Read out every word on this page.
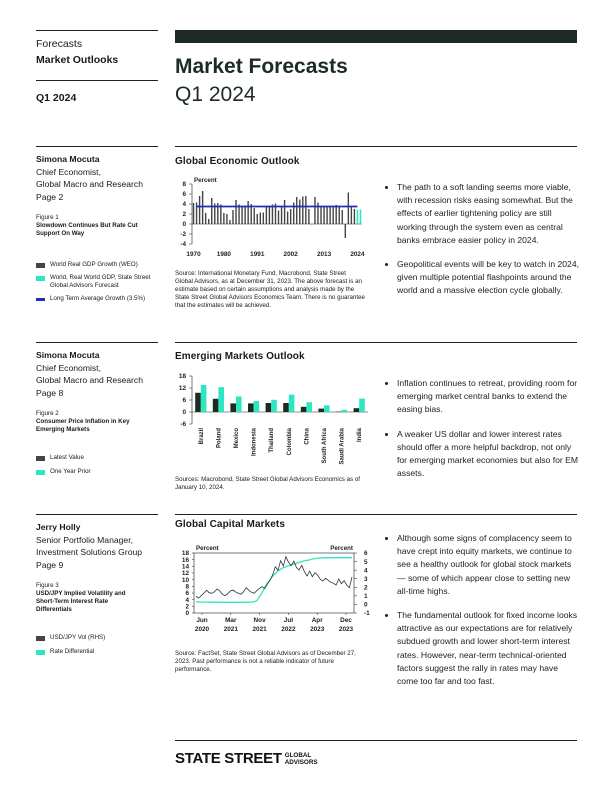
Forecasts
Market Outlooks
Q1 2024
Market Forecasts
Q1 2024
Simona Mocuta
Chief Economist,
Global Macro and Research
Page 2
Figure 1
Slowdown Continues But Rate Cut Support On Way
World Real GDP Growth (WEO)
World, Real World GDP, State Street Global Advisors Forecast
Long Term Average Growth (3.5%)
Global Economic Outlook
8
6
4
2
0
-2
-4
Percent
1970	1980	1991	2002	2013	2024
Source: International Monetary Fund, Macrobond, State Street Global Advisors, as at December 31, 2023. The above forecast is an estimate based on certain assumptions and analysis made by the State Street Global Advisors Economics Team. There is no guarantee that the estimates will be achieved.
• The path to a soft landing seems more viable, with recession risks easing somewhat. But the effects of earlier tightening policy are still working through the system even as central banks embrace easier policy in 2024.
• Geopolitical events will be key to watch in 2024, given multiple potential flashpoints around the world and a massive election cycle globally.
Simona Mocuta
Chief Economist,
Global Macro and Research
Page 8
Figure 2
Consumer Price Inflation in Key Emerging Markets
Latest Value
One Year Prior
Emerging Markets Outlook
18
12
6
0
-6
Brazil Poland Mexico Indonesia Thailand Colombia China South Africa Saudi Arabia India
Sources: Macrobond, State Street Global Advisors Economics as of January 10, 2024.
• Inflation continues to retreat, providing room for emerging market central banks to extend the easing bias.
• A weaker US dollar and lower interest rates should offer a more helpful backdrop, not only for emerging market economies but also for EM assets.
Jerry Holly
Senior Portfolio Manager,
Investment Solutions Group
Page 9
Figure 3
USD/JPY Implied Volatility and Short-Term Interest Rate Differentials
USD/JPY Vol (RHS)
Rate Differential
Global Capital Markets
18
16
14
12
10
8
6
4
2
0
6
5
4
3
2
1
0
-1
Percent	Percent
Jun
2020
Mar
2021
Nov
2021
Jul
2022
Apr
2023
Dec
2023
Source: FactSet, State Street Global Advisors as of December 27, 2023. Past performance is not a reliable indicator of future performance.
• Although some signs of complacency seem to have crept into equity markets, we continue to see a healthy outlook for global stock markets — some of which appear close to setting new all-time highs.
• The fundamental outlook for fixed income looks attractive as our expectations are for relatively subdued growth and lower short-term interest rates. However, near-term technical-oriented factors suggest the rally in rates may have come too far and too fast.
STATE STREET GLOBAL
ADVISORS
